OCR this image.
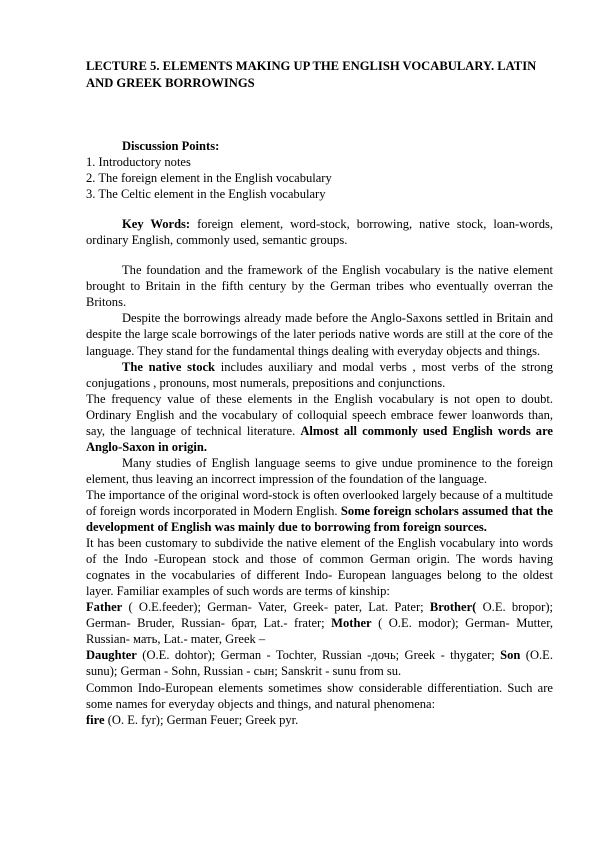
LECTURE 5. ELEMENTS MAKING UP THE ENGLISH VOCABULARY. LATIN AND GREEK BORROWINGS

Discussion Points:

1. Introductory notes
2. The foreign element in the English vocabulary
3. The Celtic element in the English vocabulary

Key Words: foreign element, word-stock, borrowing, native stock, loan-words, ordinary English, commonly used, semantic groups.

The foundation and the framework of the English vocabulary is the native element brought to Britain in the fifth century by the German tribes who eventually overran the Britons.

Despite the borrowings already made before the Anglo-Saxons settled in Britain and despite the large scale borrowings of the later periods native words are still at the core of the language. They stand for the fundamental things dealing with everyday objects and things.

The native stock includes auxiliary and modal verbs , most verbs of the strong conjugations , pronouns, most numerals, prepositions and conjunctions.

The frequency value of these elements in the English vocabulary is not open to doubt. Ordinary English and the vocabulary of colloquial speech embrace fewer loanwords than, say, the language of technical literature. Almost all commonly used English words are Anglo-Saxon in origin.

Many studies of English language seems to give undue prominence to the foreign element, thus leaving an incorrect impression of the foundation of the language.

The importance of the original word-stock is often overlooked largely because of a multitude of foreign words incorporated in Modern English. Some foreign scholars assumed that the development of English was mainly due to borrowing from foreign sources.

It has been customary to subdivide the native element of the English vocabulary into words of the Indo -European stock and those of common German origin. The words having cognates in the vocabularies of different Indo- European languages belong to the oldest layer. Familiar examples of such words are terms of kinship:

Father ( O.E.feeder); German- Vater, Greek- pater, Lat. Pater; Brother( O.E. bropor); German- Bruder, Russian- брат, Lat.- frater; Mother ( O.E. modor); German- Mutter, Russian- мать, Lat.- mater, Greek –

Daughter (O.E. dohtor); German - Tochter, Russian -дочь; Greek - thygater; Son (O.E. sunu); German - Sohn, Russian - сын; Sanskrit - sunu from su.

Common Indo-European elements sometimes show considerable differentiation. Such are some names for everyday objects and things, and natural phenomena:

fire (O. E. fyr); German Feuer; Greek pyr.
